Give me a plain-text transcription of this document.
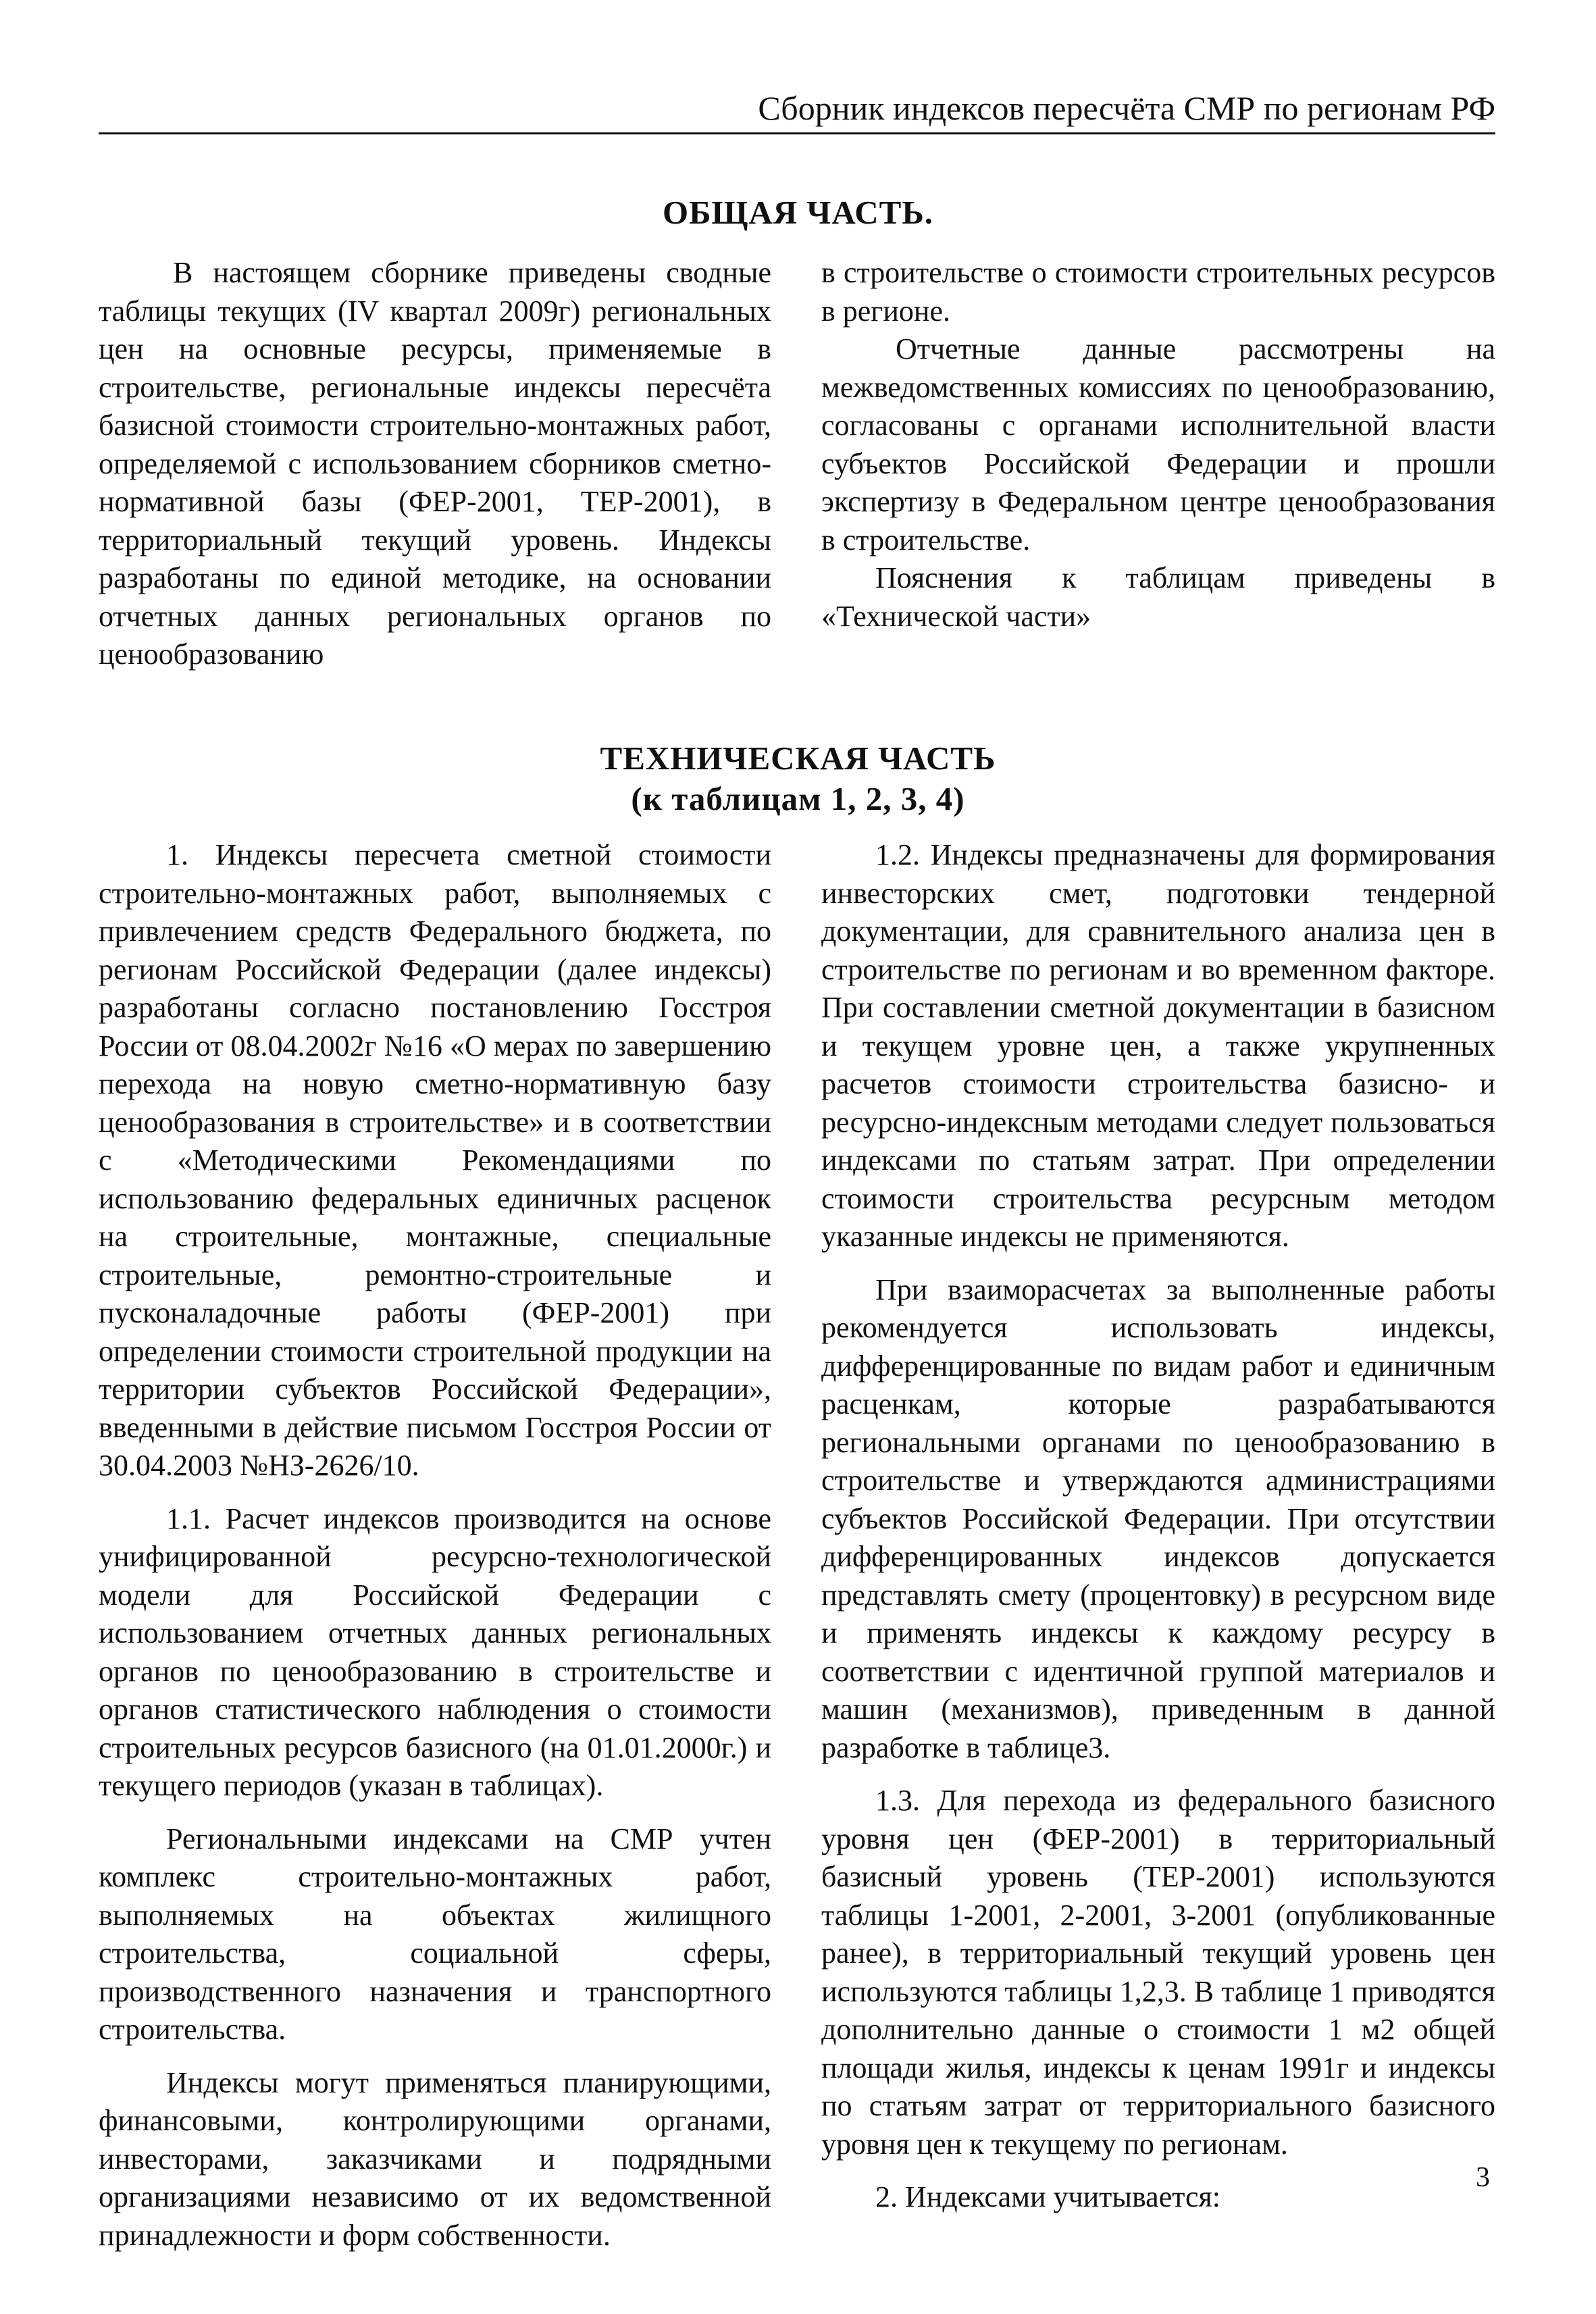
Сборник индексов пересчёта СМР по регионам РФ
ОБЩАЯ ЧАСТЬ.

В настоящем сборнике приведены сводные таблицы текущих (IV квартал 2009г) региональных цен на основные ресурсы, применяемые в строительстве, региональные индексы пересчёта базисной стоимости строительно-монтажных работ, определяемой с использованием сборников сметно-нормативной базы (ФЕР-2001, ТЕР-2001), в территориальный текущий уровень. Индексы разработаны по единой методике, на основании отчетных данных региональных органов по ценообразованию

в строительстве о стоимости строительных ресурсов в регионе.

Отчетные данные рассмотрены на межведомственных комиссиях по ценообразованию, согласованы с органами исполнительной власти субъектов Российской Федерации и прошли экспертизу в Федеральном центре ценообразования в строительстве.

Пояснения к таблицам приведены в «Технической части»

ТЕХНИЧЕСКАЯ ЧАСТЬ
(к таблицам 1, 2, 3, 4)

1. Индексы пересчета сметной стоимости строительно-монтажных работ, выполняемых с привлечением средств Федерального бюджета, по регионам Российской Федерации (далее индексы) разработаны согласно постановлению Госстроя России от 08.04.2002г №16 «О мерах по завершению перехода на новую сметно-нормативную базу ценообразования в строительстве» и в соответствии с «Методическими Рекомендациями по использованию федеральных единичных расценок на строительные, монтажные, специальные строительные, ремонтно-строительные и пусконаладочные работы (ФЕР-2001) при определении стоимости строительной продукции на территории субъектов Российской Федерации», введенными в действие письмом Госстроя России от 30.04.2003 №НЗ-2626/10.

1.1. Расчет индексов производится на основе унифицированной ресурсно-технологической модели для Российской Федерации с использованием отчетных данных региональных органов по ценообразованию в строительстве и органов статистического наблюдения о стоимости строительных ресурсов базисного (на 01.01.2000г.) и текущего периодов (указан в таблицах).

Региональными индексами на СМР учтен комплекс строительно-монтажных работ, выполняемых на объектах жилищного строительства, социальной сферы, производственного назначения и транспортного строительства.

Индексы могут применяться планирующими, финансовыми, контролирующими органами, инвесторами, заказчиками и подрядными организациями независимо от их ведомственной принадлежности и форм собственности.

1.2. Индексы предназначены для формирования инвесторских смет, подготовки тендерной документации, для сравнительного анализа цен в строительстве по регионам и во временном факторе. При составлении сметной документации в базисном и текущем уровне цен, а также укрупненных расчетов стоимости строительства базисно- и ресурсно-индексным методами следует пользоваться индексами по статьям затрат. При определении стоимости строительства ресурсным методом указанные индексы не применяются.

При взаиморасчетах за выполненные работы рекомендуется использовать индексы, дифференцированные по видам работ и единичным расценкам, которые разрабатываются региональными органами по ценообразованию в строительстве и утверждаются администрациями субъектов Российской Федерации. При отсутствии дифференцированных индексов допускается представлять смету (процентовку) в ресурсном виде и применять индексы к каждому ресурсу в соответствии с идентичной группой материалов и машин (механизмов), приведенным в данной разработке в таблице3.

1.3. Для перехода из федерального базисного уровня цен (ФЕР-2001) в территориальный базисный уровень (ТЕР-2001) используются таблицы 1-2001, 2-2001, 3-2001 (опубликованные ранее), в территориальный текущий уровень цен используются таблицы 1,2,3. В таблице 1 приводятся дополнительно данные о стоимости 1 м2 общей площади жилья, индексы к ценам 1991г и индексы по статьям затрат от территориального базисного уровня цен к текущему по регионам.

2. Индексами учитывается:

3
